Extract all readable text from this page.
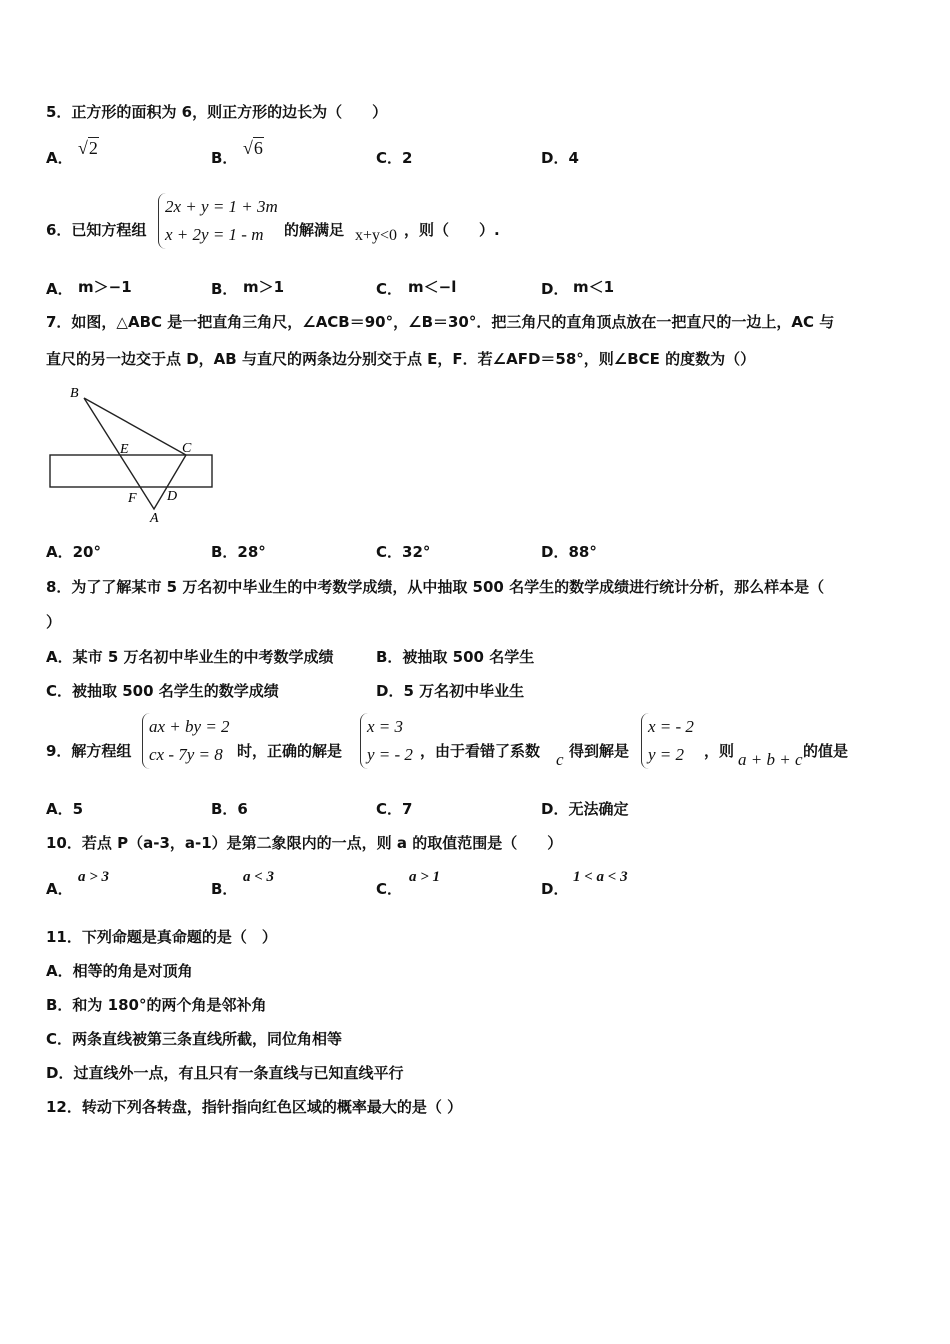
5．正方形的面积为 6，则正方形的边长为（　　）
A． √2	B． √6	C．2	D．4
6．已知方程组
2x + y = 1 + 3m
x + 2y = 1 - m	的解满足 x+y<0 ，则（　　）.
A． m＞−1	B． m＞1	C． m＜−l	D． m＜1
7．如图，△ABC 是一把直角三角尺，∠ACB＝90°，∠B＝30°．把三角尺的直角顶点放在一把直尺的一边上，AC 与
直尺的另一边交于点 D，AB 与直尺的两条边分别交于点 E，F．若∠AFD＝58°，则∠BCE 的度数为（）
B
E	C
F D
A
A．20°	B．28°	C．32°	D．88°
8．为了了解某市 5 万名初中毕业生的中考数学成绩，从中抽取 500 名学生的数学成绩进行统计分析，那么样本是（
）
A．某市 5 万名初中毕业生的中考数学成绩	B．被抽取 500 名学生
C．被抽取 500 名学生的数学成绩	D．5 万名初中毕业生
9．解方程组
ax + by = 2
cx - 7y = 8 时，正确的解是
x = 3
y = - 2 ，由于看错了系数 c 得到解是
x = - 2
y = 2	，则 a + b + c 的值是
A．5	B．6	C．7	D．无法确定
10．若点 P（a-3，a-1）是第二象限内的一点，则 a 的取值范围是（　　）
A．
a > 3
B．
a < 3
C．
a > 1
D．
1 < a < 3
11．下列命题是真命题的是（　）
A．相等的角是对顶角
B．和为 180°的两个角是邻补角
C．两条直线被第三条直线所截，同位角相等
D．过直线外一点，有且只有一条直线与已知直线平行
12．转动下列各转盘，指针指向红色区域的概率最大的是（ ）
